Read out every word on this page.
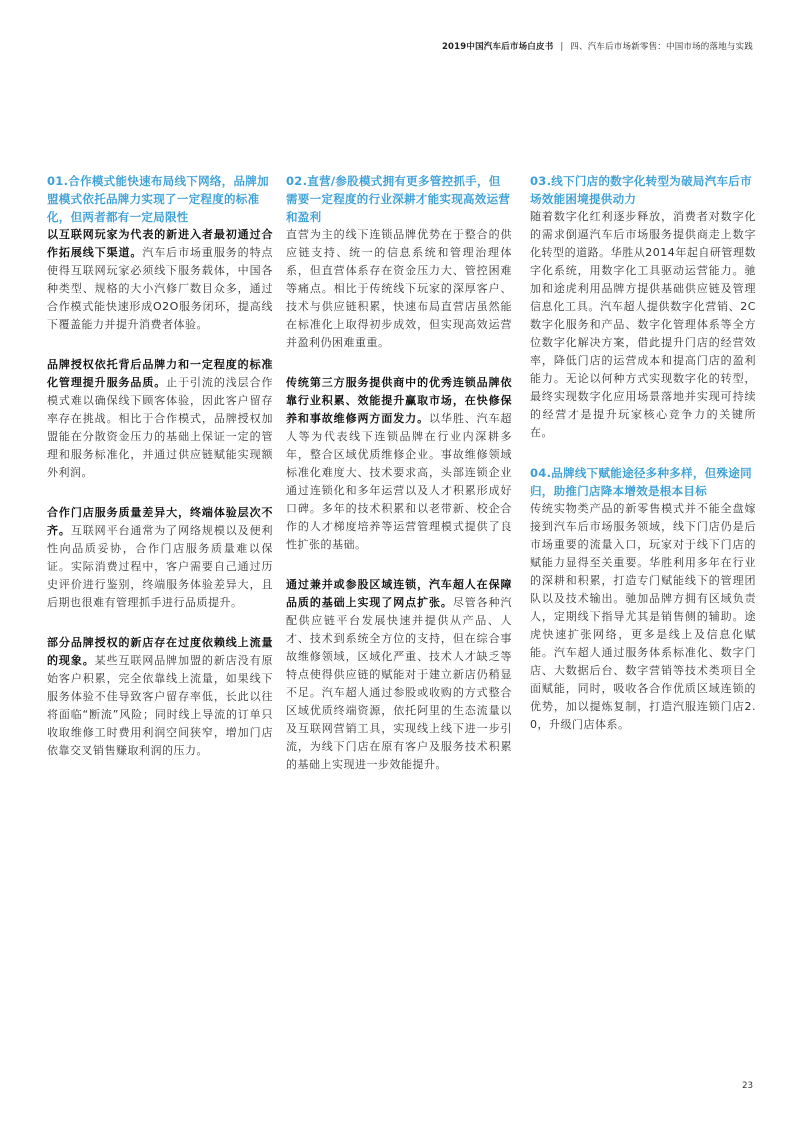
2019中国汽车后市场白皮书 | 四、汽车后市场新零售：中国市场的落地与实践
01.合作模式能快速布局线下网络，品牌加盟模式依托品牌力实现了一定程度的标准化，但两者都有一定局限性
以互联网玩家为代表的新进入者最初通过合作拓展线下渠道。汽车后市场重服务的特点使得互联网玩家必须线下服务载体，中国各种类型、规格的大小汽修厂数目众多，通过合作模式能快速形成O2O服务闭环，提高线下覆盖能力并提升消费者体验。
品牌授权依托背后品牌力和一定程度的标准化管理提升服务品质。止于引流的浅层合作模式难以确保线下顾客体验，因此客户留存率存在挑战。相比于合作模式，品牌授权加盟能在分散资金压力的基础上保证一定的管理和服务标准化，并通过供应链赋能实现额外利润。
合作门店服务质量差异大，终端体验层次不齐。互联网平台通常为了网络规模以及便利性向品质妥协，合作门店服务质量难以保证。实际消费过程中，客户需要自己通过历史评价进行鉴别，终端服务体验差异大，且后期也很难有管理抓手进行品质提升。
部分品牌授权的新店存在过度依赖线上流量的现象。某些互联网品牌加盟的新店没有原始客户积累，完全依靠线上流量，如果线下服务体验不佳导致客户留存率低，长此以往将面临“断流”风险；同时线上导流的订单只收取维修工时费用利润空间狭窄，增加门店依靠交叉销售赚取利润的压力。
02.直营/参股模式拥有更多管控抓手，但需要一定程度的行业深耕才能实现高效运营和盈利
直营为主的线下连锁品牌优势在于整合的供应链支持、统一的信息系统和管理治理体系，但直营体系存在资金压力大、管控困难等痛点。相比于传统线下玩家的深厚客户、技术与供应链积累，快速布局直营店虽然能在标准化上取得初步成效，但实现高效运营并盈利仍困难重重。
传统第三方服务提供商中的优秀连锁品牌依靠行业积累、效能提升赢取市场，在快修保养和事故维修两方面发力。以华胜、汽车超人等为代表线下连锁品牌在行业内深耕多年，整合区域优质维修企业。事故维修领域标准化难度大、技术要求高，头部连锁企业通过连锁化和多年运营以及人才积累形成好口碑。多年的技术积累和以老带新、校企合作的人才梯度培养等运营管理模式提供了良性扩张的基础。
通过兼并或参股区域连锁，汽车超人在保障品质的基础上实现了网点扩张。尽管各种汽配供应链平台发展快速并提供从产品、人才、技术到系统全方位的支持，但在综合事故维修领域，区域化严重、技术人才缺乏等特点使得供应链的赋能对于建立新店仍稍显不足。汽车超人通过参股或收购的方式整合区域优质终端资源，依托阿里的生态流量以及互联网营销工具，实现线上线下进一步引流，为线下门店在原有客户及服务技术积累的基础上实现进一步效能提升。
03.线下门店的数字化转型为破局汽车后市场效能困境提供动力
随着数字化红利逐步释放，消费者对数字化的需求倒逼汽车后市场服务提供商走上数字化转型的道路。华胜从2014年起自研管理数字化系统，用数字化工具驱动运营能力。驰加和途虎利用品牌方提供基础供应链及管理信息化工具。汽车超人提供数字化营销、2C数字化服务和产品、数字化管理体系等全方位数字化解决方案，借此提升门店的经营效率，降低门店的运营成本和提高门店的盈利能力。无论以何种方式实现数字化的转型，最终实现数字化应用场景落地并实现可持续的经营才是提升玩家核心竞争力的关键所在。
04.品牌线下赋能途径多种多样，但殊途同归，助推门店降本增效是根本目标
传统实物类产品的新零售模式并不能全盘嫁接到汽车后市场服务领域，线下门店仍是后市场重要的流量入口，玩家对于线下门店的赋能力显得至关重要。华胜利用多年在行业的深耕和积累，打造专门赋能线下的管理团队以及技术输出。驰加品牌方拥有区域负责人，定期线下指导尤其是销售侧的辅助。途虎快速扩张网络，更多是线上及信息化赋能。汽车超人通过服务体系标准化、数字门店、大数据后台、数字营销等技术类项目全面赋能，同时，吸收各合作优质区域连锁的优势，加以提炼复制，打造汽服连锁门店2.0，升级门店体系。
23
